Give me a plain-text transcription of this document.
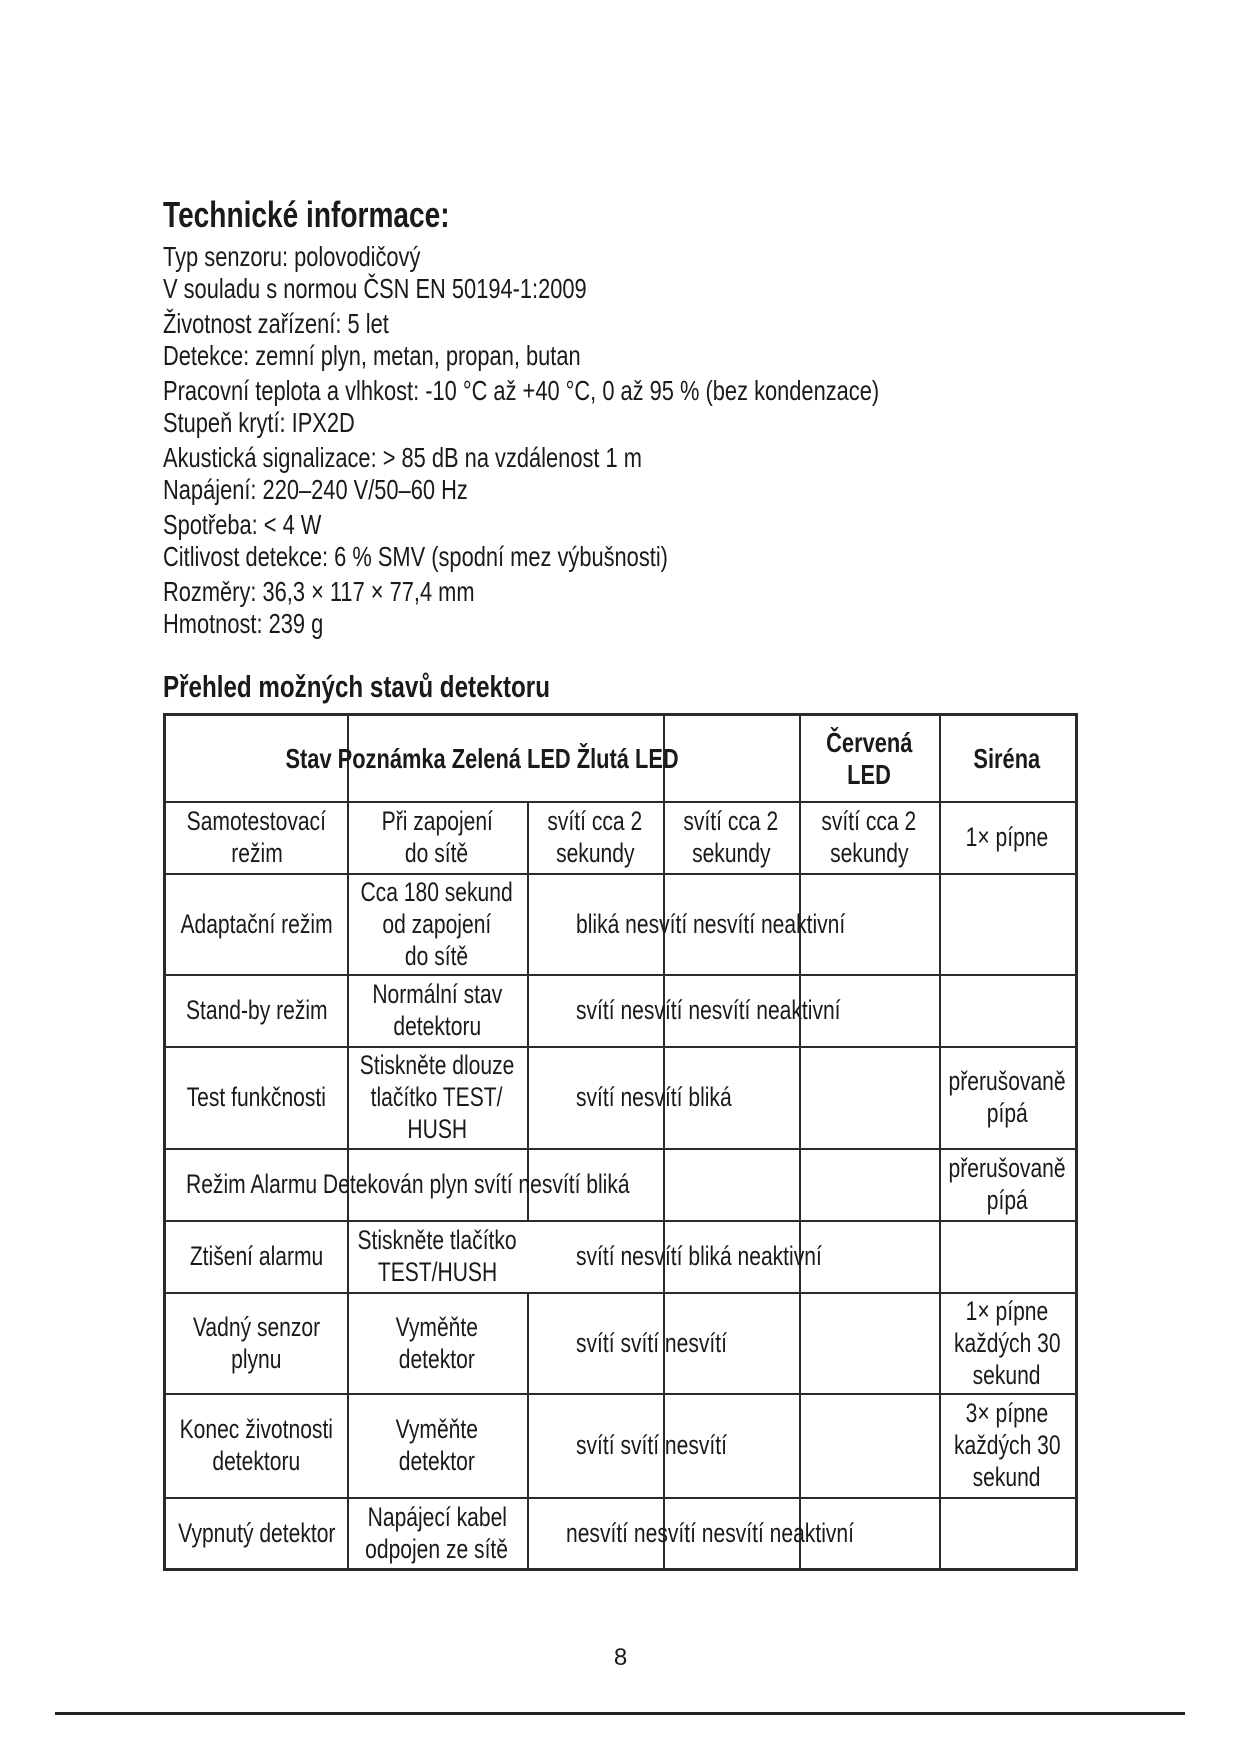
Technické informace:
Typ senzoru: polovodičový
V souladu s normou ČSN EN 50194-1:2009
Životnost zařízení: 5 let
Detekce: zemní plyn, metan, propan, butan
Pracovní teplota a vlhkost: -10 °C až +40 °C, 0 až 95 % (bez kondenzace)
Stupeň krytí: IPX2D
Akustická signalizace: > 85 dB na vzdálenost 1 m
Napájení: 220–240 V/50–60 Hz
Spotřeba: < 4 W
Citlivost detekce: 6 % SMV (spodní mez výbušnosti)
Rozměry: 36,3 × 117 × 77,4 mm
Hmotnost: 239 g
Přehled možných stavů detektoru
Stav Poznámka Zelená LED Žlutá LED
Červená
LED
Siréna
Samotestovací
režim
Při zapojení
do sítě
svítí cca 2
sekundy
svítí cca 2
sekundy
svítí cca 2
sekundy
1× pípne
Adaptační režim
Cca 180 sekund
od zapojení
do sítě
bliká nesvítí nesvítí neaktivní
Stand-by režim
Normální stav
detektoru
svítí nesvítí nesvítí neaktivní
Test funkčnosti
Stiskněte dlouze
tlačítko TEST/
HUSH
svítí nesvítí bliká
přerušovaně
pípá
Režim Alarmu Detekován plyn svítí nesvítí bliká
přerušovaně
pípá
Ztišení alarmu
Stiskněte tlačítko
TEST/HUSH
svítí nesvítí bliká neaktivní
Vadný senzor
plynu
Vyměňte
detektor
svítí svítí nesvítí
1× pípne
každých 30
sekund
Konec životnosti
detektoru
Vyměňte
detektor
svítí svítí nesvítí
3× pípne
každých 30
sekund
Vypnutý detektor
Napájecí kabel
odpojen ze sítě
nesvítí nesvítí nesvítí neaktivní
8
